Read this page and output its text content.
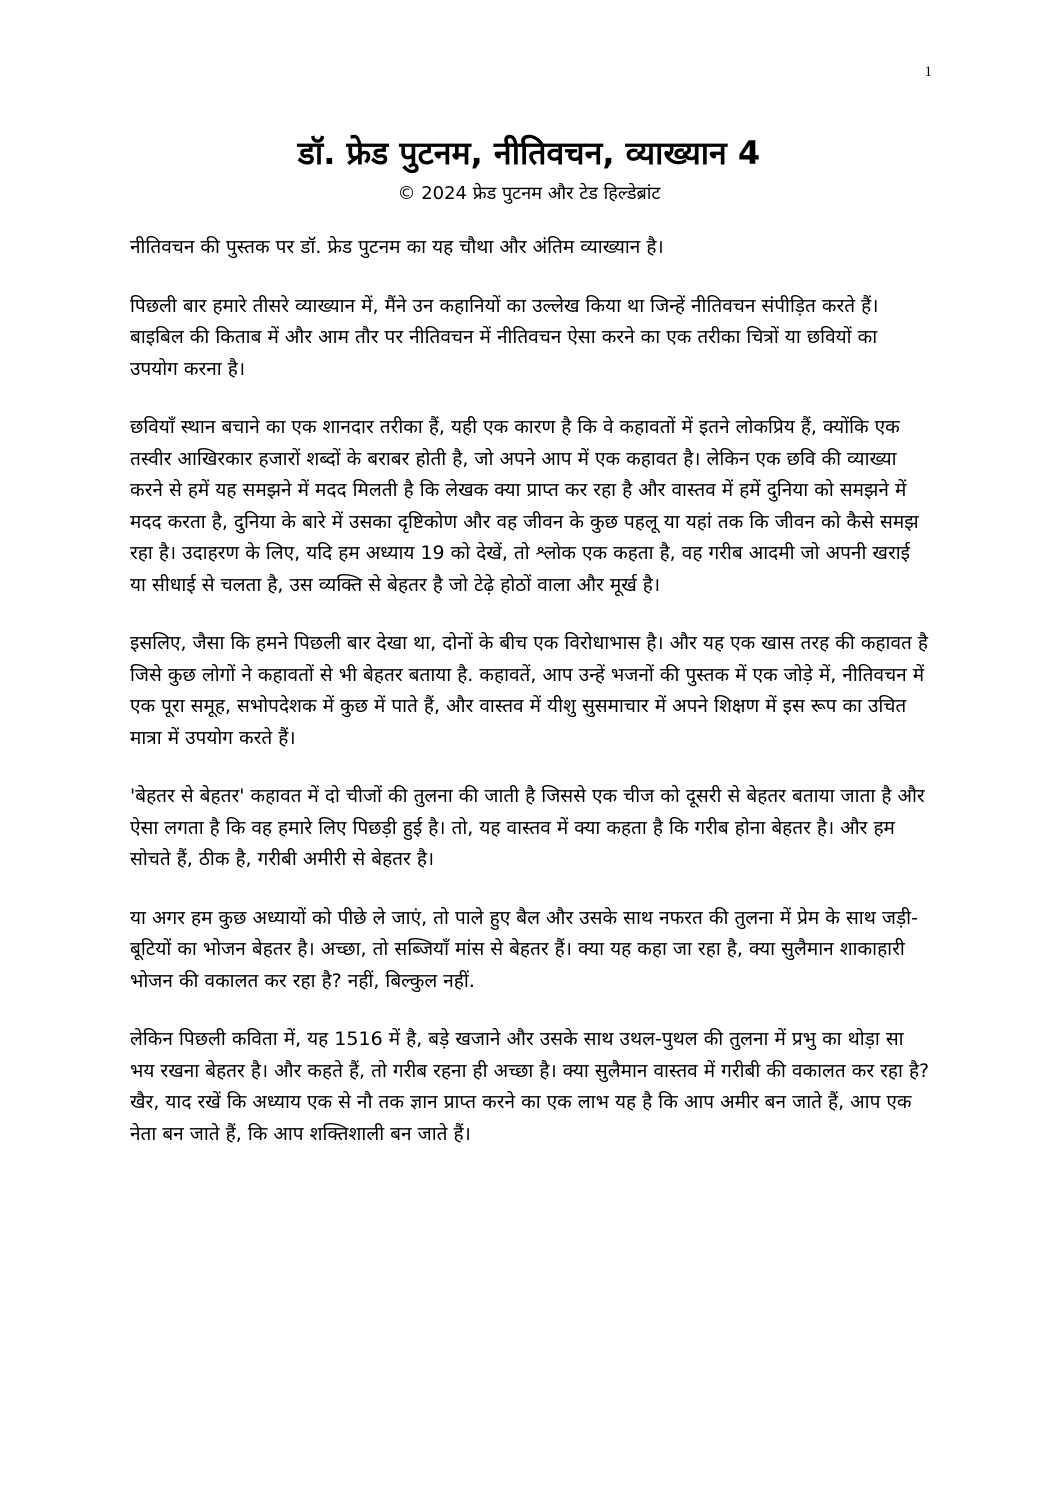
1
डॉ. फ्रेड पुटनम, नीतिवचन, व्याख्यान 4
© 2024 फ्रेड पुटनम और टेड हिल्डेब्रांट

नीतिवचन की पुस्तक पर डॉ. फ्रेड पुटनम का यह चौथा और अंतिम व्याख्यान है।

पिछली बार हमारे तीसरे व्याख्यान में, मैंने उन कहानियों का उल्लेख किया था जिन्हें नीतिवचन संपीड़ित करते हैं। बाइबिल की किताब में और आम तौर पर नीतिवचन में नीतिवचन ऐसा करने का एक तरीका चित्रों या छवियों का उपयोग करना है।

छवियाँ स्थान बचाने का एक शानदार तरीका हैं, यही एक कारण है कि वे कहावतों में इतने लोकप्रिय हैं, क्योंकि एक तस्वीर आखिरकार हजारों शब्दों के बराबर होती है, जो अपने आप में एक कहावत है। लेकिन एक छवि की व्याख्या करने से हमें यह समझने में मदद मिलती है कि लेखक क्या प्राप्त कर रहा है और वास्तव में हमें दुनिया को समझने में मदद करता है, दुनिया के बारे में उसका दृष्टिकोण और वह जीवन के कुछ पहलू या यहां तक कि जीवन को कैसे समझ रहा है। उदाहरण के लिए, यदि हम अध्याय 19 को देखें, तो श्लोक एक कहता है, वह गरीब आदमी जो अपनी खराई या सीधाई से चलता है, उस व्यक्ति से बेहतर है जो टेढ़े होठों वाला और मूर्ख है।

इसलिए, जैसा कि हमने पिछली बार देखा था, दोनों के बीच एक विरोधाभास है। और यह एक खास तरह की कहावत है जिसे कुछ लोगों ने कहावतों से भी बेहतर बताया है. कहावतें, आप उन्हें भजनों की पुस्तक में एक जोड़े में, नीतिवचन में एक पूरा समूह, सभोपदेशक में कुछ में पाते हैं, और वास्तव में यीशु सुसमाचार में अपने शिक्षण में इस रूप का उचित मात्रा में उपयोग करते हैं।

'बेहतर से बेहतर' कहावत में दो चीजों की तुलना की जाती है जिससे एक चीज को दूसरी से बेहतर बताया जाता है और ऐसा लगता है कि वह हमारे लिए पिछड़ी हुई है। तो, यह वास्तव में क्या कहता है कि गरीब होना बेहतर है। और हम सोचते हैं, ठीक है, गरीबी अमीरी से बेहतर है।

या अगर हम कुछ अध्यायों को पीछे ले जाएं, तो पाले हुए बैल और उसके साथ नफरत की तुलना में प्रेम के साथ जड़ी-बूटियों का भोजन बेहतर है। अच्छा, तो सब्जियाँ मांस से बेहतर हैं। क्या यह कहा जा रहा है, क्या सुलैमान शाकाहारी भोजन की वकालत कर रहा है? नहीं, बिल्कुल नहीं.

लेकिन पिछली कविता में, यह 1516 में है, बड़े खजाने और उसके साथ उथल-पुथल की तुलना में प्रभु का थोड़ा सा भय रखना बेहतर है। और कहते हैं, तो गरीब रहना ही अच्छा है। क्या सुलैमान वास्तव में गरीबी की वकालत कर रहा है? खैर, याद रखें कि अध्याय एक से नौ तक ज्ञान प्राप्त करने का एक लाभ यह है कि आप अमीर बन जाते हैं, आप एक नेता बन जाते हैं, कि आप शक्तिशाली बन जाते हैं।
